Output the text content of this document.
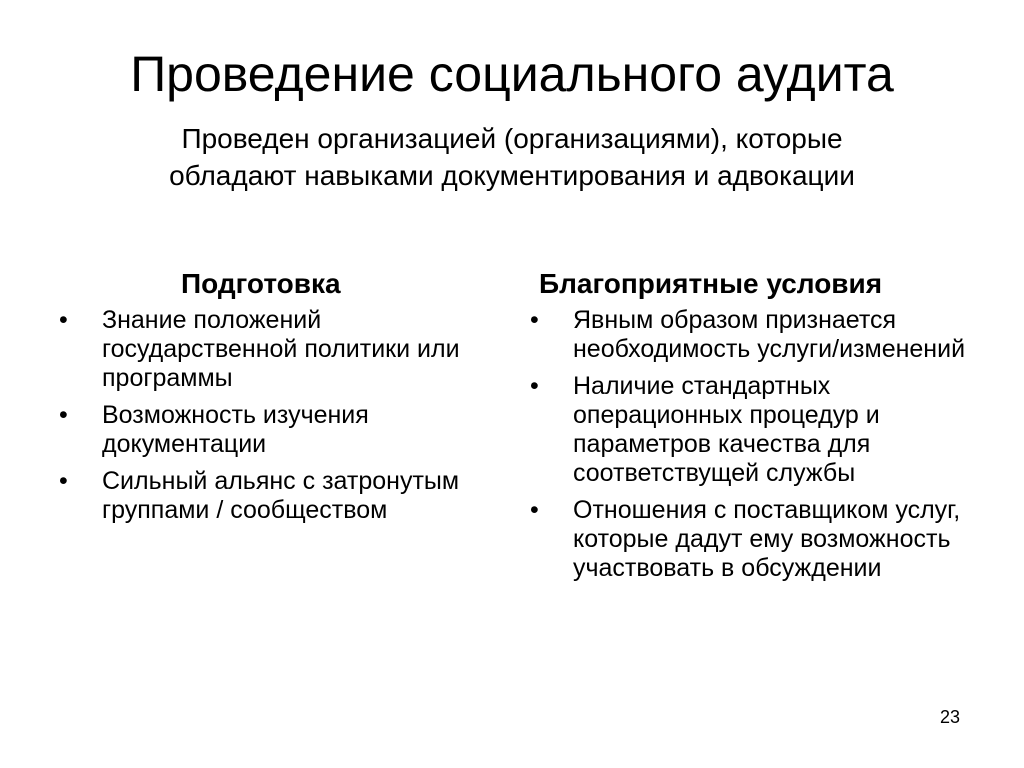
Проведение социального аудита
Проведен организацией (организациями), которые
обладают навыками документирования и адвокации
Подготовка
•	Знание положений государственной политики или программы
•	Возможность изучения документации
•	Сильный альянс с затронутым группами / сообществом
Благоприятные условия
•	Явным образом признается необходимость услуги/изменений
•	Наличие стандартных операционных процедур и параметров качества для соответствущей службы
•	Отношения с поставщиком услуг, которые дадут ему возможность участвовать в обсуждении
23
